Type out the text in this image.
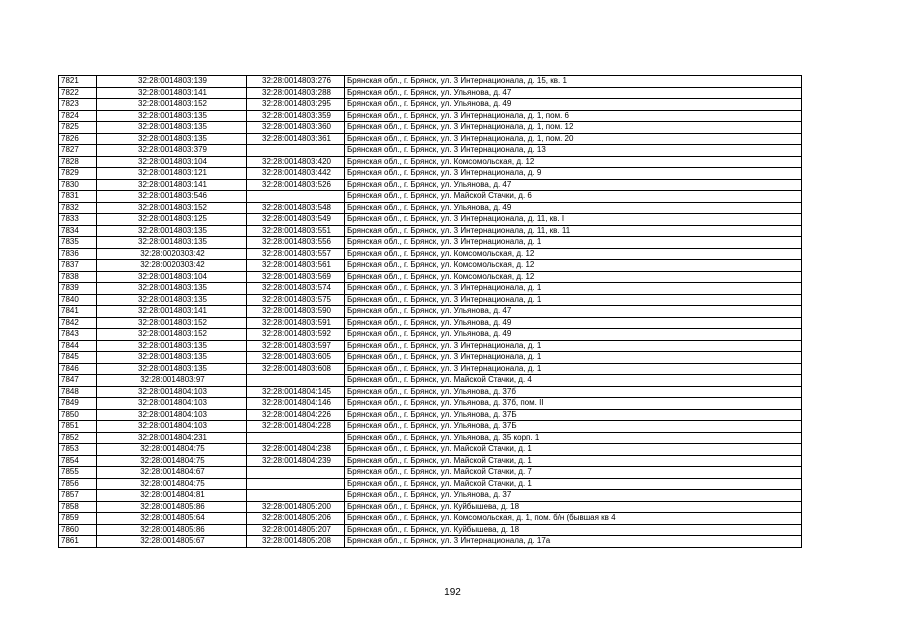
7821	32:28:0014803:139	32:28:0014803:276	Брянская обл., г. Брянск, ул. 3 Интернационала, д. 15, кв. 1
7822	32:28:0014803:141	32:28:0014803:288	Брянская обл., г. Брянск, ул. Ульянова, д. 47
7823	32:28:0014803:152	32:28:0014803:295	Брянская обл., г. Брянск, ул. Ульянова, д. 49
7824	32:28:0014803:135	32:28:0014803:359	Брянская обл., г. Брянск, ул. 3 Интернационала, д. 1, пом. 6
7825	32:28:0014803:135	32:28:0014803:360	Брянская обл., г. Брянск, ул. 3 Интернационала, д. 1, пом. 12
7826	32:28:0014803:135	32:28:0014803:361	Брянская обл., г. Брянск, ул. 3 Интернационала, д. 1, пом. 20
7827	32:28:0014803:379		Брянская обл., г. Брянск, ул. 3 Интернационала, д. 13
7828	32:28:0014803:104	32:28:0014803:420	Брянская обл., г. Брянск, ул. Комсомольская, д. 12
7829	32:28:0014803:121	32:28:0014803:442	Брянская обл., г. Брянск, ул. 3 Интернационала, д. 9
7830	32:28:0014803:141	32:28:0014803:526	Брянская обл., г. Брянск, ул. Ульянова, д. 47
7831	32:28:0014803:546		Брянская обл., г. Брянск, ул. Майской Стачки, д. 6
7832	32:28:0014803:152	32:28:0014803:548	Брянская обл., г. Брянск, ул. Ульянова, д. 49
7833	32:28:0014803:125	32:28:0014803:549	Брянская обл., г. Брянск, ул. 3 Интернационала, д. 11, кв. I
7834	32:28:0014803:135	32:28:0014803:551	Брянская обл., г. Брянск, ул. 3 Интернационала, д. 11, кв. 11
7835	32:28:0014803:135	32:28:0014803:556	Брянская обл., г. Брянск, ул. 3 Интернационала, д. 1
7836	32:28:0020303:42	32:28:0014803:557	Брянская обл., г. Брянск, ул. Комсомольская, д. 12
7837	32:28:0020303:42	32:28:0014803:561	Брянская обл., г. Брянск, ул. Комсомольская, д. 12
7838	32:28:0014803:104	32:28:0014803:569	Брянская обл., г. Брянск, ул. Комсомольская, д. 12
7839	32:28:0014803:135	32:28:0014803:574	Брянская обл., г. Брянск, ул. 3 Интернационала, д. 1
7840	32:28:0014803:135	32:28:0014803:575	Брянская обл., г. Брянск, ул. 3 Интернационала, д. 1
7841	32:28:0014803:141	32:28:0014803:590	Брянская обл., г. Брянск, ул. Ульянова, д. 47
7842	32:28:0014803:152	32:28:0014803:591	Брянская обл., г. Брянск, ул. Ульянова, д. 49
7843	32:28:0014803:152	32:28:0014803:592	Брянская обл., г. Брянск, ул. Ульянова, д. 49
7844	32:28:0014803:135	32:28:0014803:597	Брянская обл., г. Брянск, ул. 3 Интернационала, д. 1
7845	32:28:0014803:135	32:28:0014803:605	Брянская обл., г. Брянск, ул. 3 Интернационала, д. 1
7846	32:28:0014803:135	32:28:0014803:608	Брянская обл., г. Брянск, ул. 3 Интернационала, д. 1
7847	32:28:0014803:97		Брянская обл., г. Брянск, ул. Майской Стачки, д. 4
7848	32:28:0014804:103	32:28:0014804:145	Брянская обл., г. Брянск, ул. Ульянова, д. 37б
7849	32:28:0014804:103	32:28:0014804:146	Брянская обл., г. Брянск, ул. Ульянова, д. 37б, пом. II
7850	32:28:0014804:103	32:28:0014804:226	Брянская обл., г. Брянск, ул. Ульянова, д. 37Б
7851	32:28:0014804:103	32:28:0014804:228	Брянская обл., г. Брянск, ул. Ульянова, д. 37Б
7852	32:28:0014804:231		Брянская обл., г. Брянск, ул. Ульянова, д. 35 корп. 1
7853	32:28:0014804:75	32:28:0014804:238	Брянская обл., г. Брянск, ул. Майской Стачки, д. 1
7854	32:28:0014804:75	32:28:0014804:239	Брянская обл., г. Брянск, ул. Майской Стачки, д. 1
7855	32:28:0014804:67		Брянская обл., г. Брянск, ул. Майской Стачки, д. 7
7856	32:28:0014804:75		Брянская обл., г. Брянск, ул. Майской Стачки, д. 1
7857	32:28:0014804:81		Брянская обл., г. Брянск, ул. Ульянова, д. 37
7858	32:28:0014805:86	32:28:0014805:200	Брянская обл., г. Брянск, ул. Куйбышева, д. 18
7859	32:28:0014805:64	32:28:0014805:206	Брянская обл., г. Брянск, ул. Комсомольская, д. 1, пом. б/н (бывшая кв 4
7860	32:28:0014805:86	32:28:0014805:207	Брянская обл., г. Брянск, ул. Куйбышева, д. 18
7861	32:28:0014805:67	32:28:0014805:208	Брянская обл., г. Брянск, ул. 3 Интернационала, д. 17а
192
